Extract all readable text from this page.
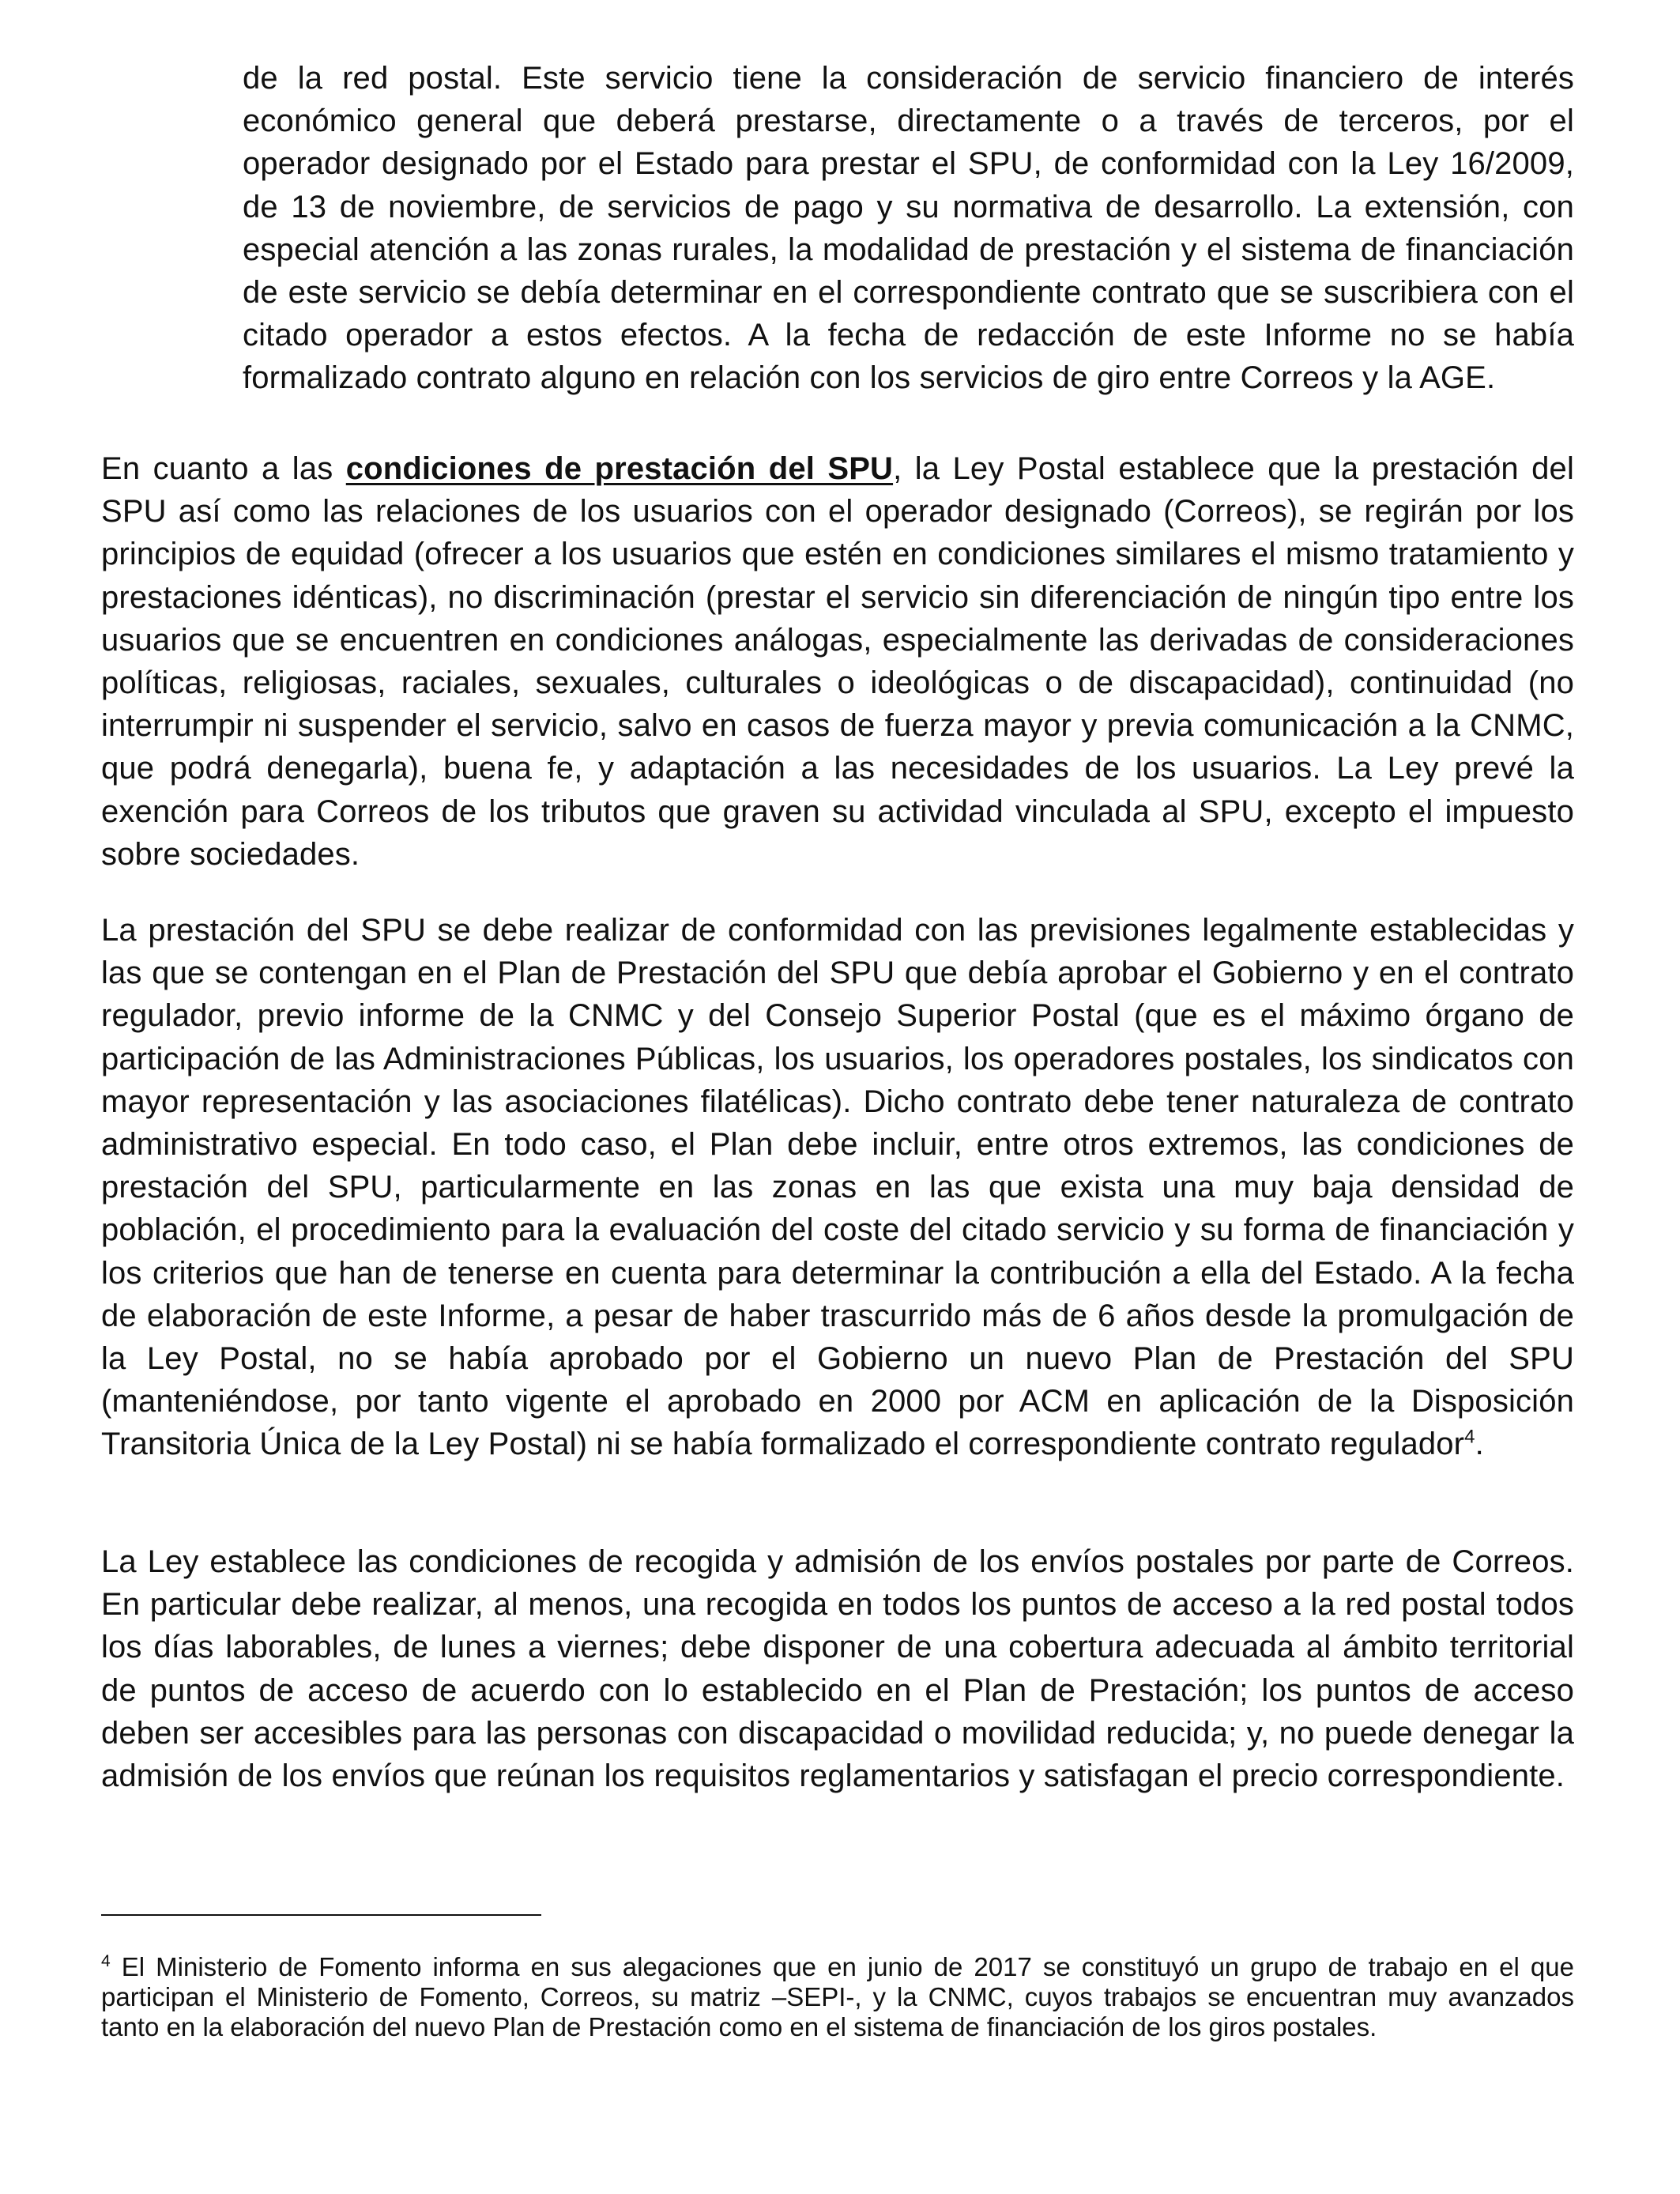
de la red postal. Este servicio tiene la consideración de servicio financiero de interés económico general que deberá prestarse, directamente o a través de terceros, por el operador designado por el Estado para prestar el SPU, de conformidad con la Ley 16/2009, de 13 de noviembre, de servicios de pago y su normativa de desarrollo. La extensión, con especial atención a las zonas rurales, la modalidad de prestación y el sistema de financiación de este servicio se debía determinar en el correspondiente contrato que se suscribiera con el citado operador a estos efectos. A la fecha de redacción de este Informe no se había formalizado contrato alguno en relación con los servicios de giro entre Correos y la AGE.

En cuanto a las condiciones de prestación del SPU, la Ley Postal establece que la prestación del SPU así como las relaciones de los usuarios con el operador designado (Correos), se regirán por los principios de equidad (ofrecer a los usuarios que estén en condiciones similares el mismo tratamiento y prestaciones idénticas), no discriminación (prestar el servicio sin diferenciación de ningún tipo entre los usuarios que se encuentren en condiciones análogas, especialmente las derivadas de consideraciones políticas, religiosas, raciales, sexuales, culturales o ideológicas o de discapacidad), continuidad (no interrumpir ni suspender el servicio, salvo en casos de fuerza mayor y previa comunicación a la CNMC, que podrá denegarla), buena fe, y adaptación a las necesidades de los usuarios. La Ley prevé la exención para Correos de los tributos que graven su actividad vinculada al SPU, excepto el impuesto sobre sociedades.

La prestación del SPU se debe realizar de conformidad con las previsiones legalmente establecidas y las que se contengan en el Plan de Prestación del SPU que debía aprobar el Gobierno y en el contrato regulador, previo informe de la CNMC y del Consejo Superior Postal (que es el máximo órgano de participación de las Administraciones Públicas, los usuarios, los operadores postales, los sindicatos con mayor representación y las asociaciones filatélicas). Dicho contrato debe tener naturaleza de contrato administrativo especial. En todo caso, el Plan debe incluir, entre otros extremos, las condiciones de prestación del SPU, particularmente en las zonas en las que exista una muy baja densidad de población, el procedimiento para la evaluación del coste del citado servicio y su forma de financiación y los criterios que han de tenerse en cuenta para determinar la contribución a ella del Estado. A la fecha de elaboración de este Informe, a pesar de haber trascurrido más de 6 años desde la promulgación de la Ley Postal, no se había aprobado por el Gobierno un nuevo Plan de Prestación del SPU (manteniéndose, por tanto vigente el aprobado en 2000 por ACM en aplicación de la Disposición Transitoria Única de la Ley Postal) ni se había formalizado el correspondiente contrato regulador$^4$.

La Ley establece las condiciones de recogida y admisión de los envíos postales por parte de Correos. En particular debe realizar, al menos, una recogida en todos los puntos de acceso a la red postal todos los días laborables, de lunes a viernes; debe disponer de una cobertura adecuada al ámbito territorial de puntos de acceso de acuerdo con lo establecido en el Plan de Prestación; los puntos de acceso deben ser accesibles para las personas con discapacidad o movilidad reducida; y, no puede denegar la admisión de los envíos que reúnan los requisitos reglamentarios y satisfagan el precio correspondiente.

$^4$ El Ministerio de Fomento informa en sus alegaciones que en junio de 2017 se constituyó un grupo de trabajo en el que participan el Ministerio de Fomento, Correos, su matriz –SEPI-, y la CNMC, cuyos trabajos se encuentran muy avanzados tanto en la elaboración del nuevo Plan de Prestación como en el sistema de financiación de los giros postales.
